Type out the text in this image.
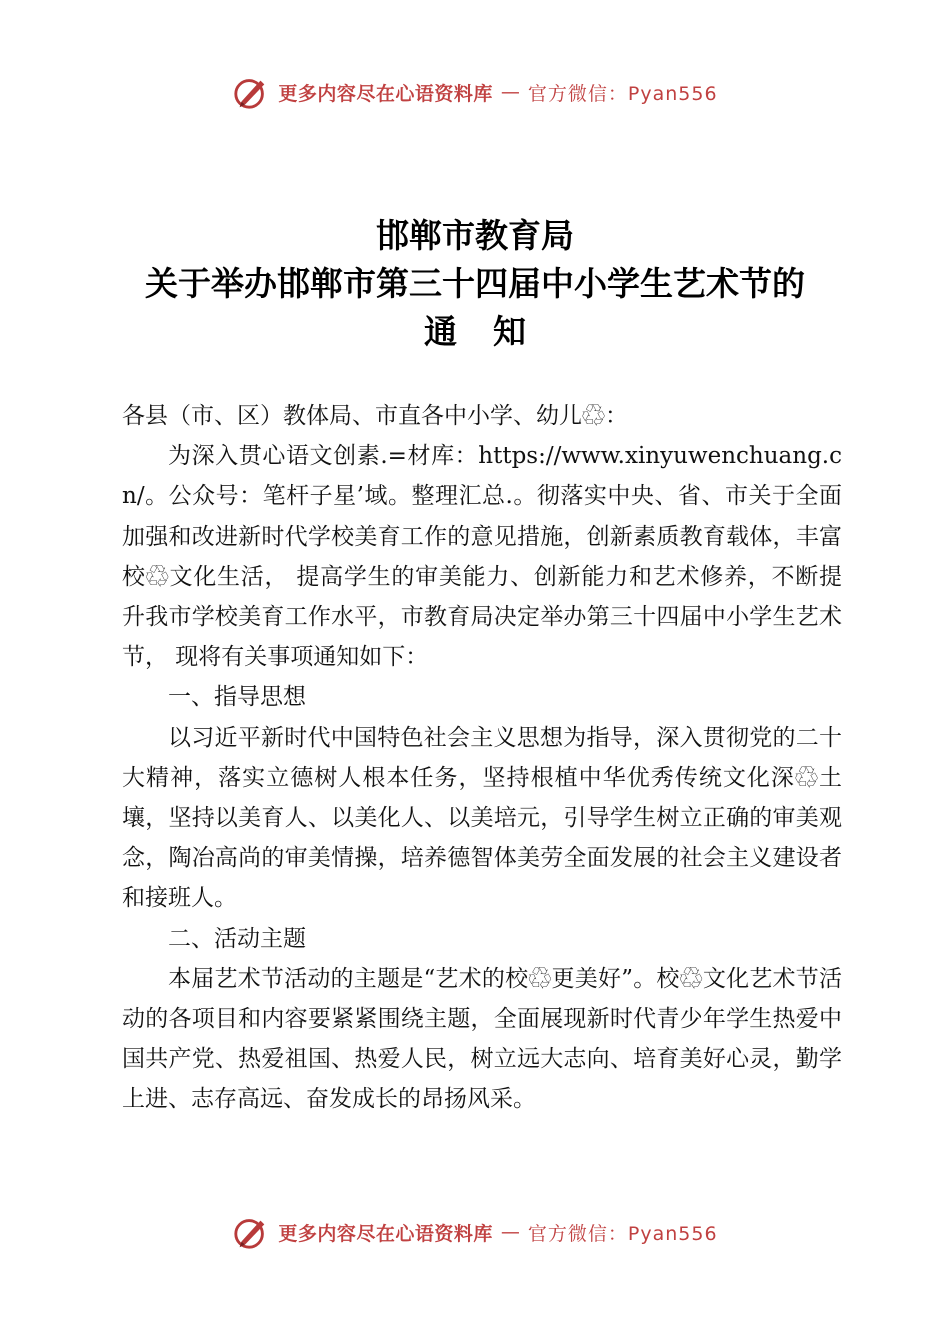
更多内容尽在心语资料库 — 官方微信：Pyan556
邯郸市教育局
关于举办邯郸市第三十四届中小学生艺术节的
通知

各县（市、区）教体局、市直各中小学、幼儿♲：

为深入贯心语文创素.=材库：https://www.xinyuwenchuang.cn/。公众号：笔杆子星’域。整理汇总.。彻落实中央、省、市关于全面加强和改进新时代学校美育工作的意见措施，创新素质教育载体，丰富校♲文化生活， 提高学生的审美能力、创新能力和艺术修养，不断提升我市学校美育工作水平，市教育局决定举办第三十四届中小学生艺术节， 现将有关事项通知如下：

一、指导思想

以习近平新时代中国特色社会主义思想为指导，深入贯彻党的二十大精神，落实立德树人根本任务，坚持根植中华优秀传统文化深♲土壤，坚持以美育人、以美化人、以美培元，引导学生树立正确的审美观念，陶冶高尚的审美情操，培养德智体美劳全面发展的社会主义建设者和接班人。

二、活动主题

本届艺术节活动的主题是“艺术的校♲更美好”。校♲文化艺术节活动的各项目和内容要紧紧围绕主题，全面展现新时代青少年学生热爱中国共产党、热爱祖国、热爱人民，树立远大志向、培育美好心灵，勤学上进、志存高远、奋发成长的昂扬风采。

更多内容尽在心语资料库 — 官方微信：Pyan556
